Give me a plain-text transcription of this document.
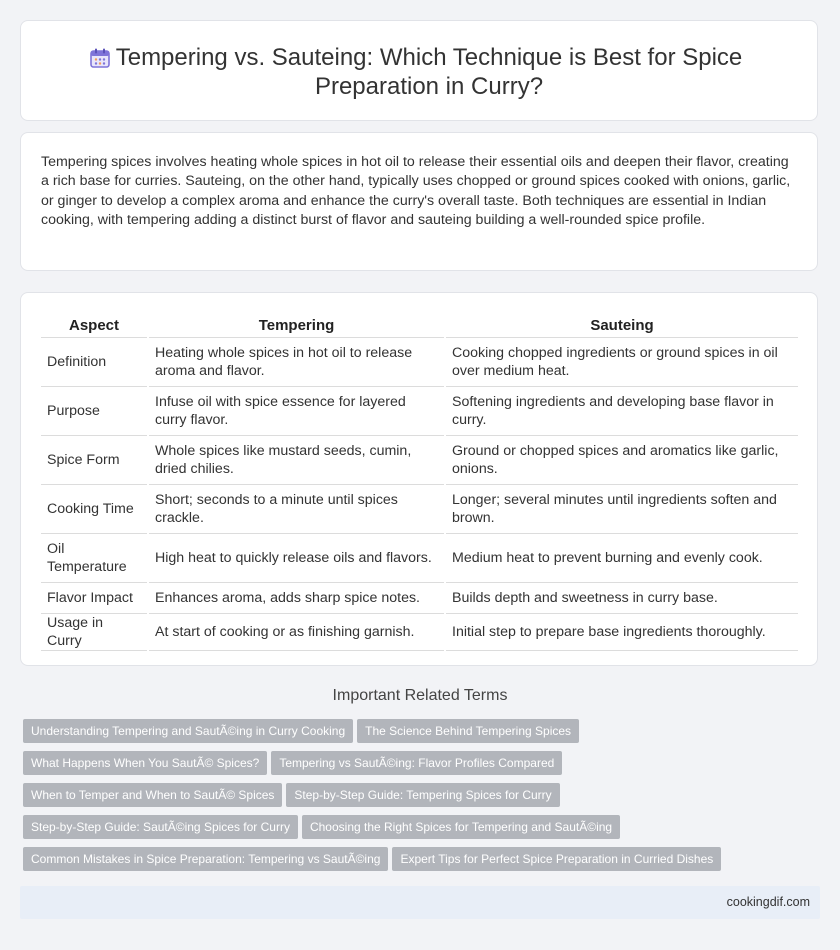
Tempering vs. Sauteing: Which Technique is Best for Spice Preparation in Curry?
Tempering spices involves heating whole spices in hot oil to release their essential oils and deepen their flavor, creating a rich base for curries. Sauteing, on the other hand, typically uses chopped or ground spices cooked with onions, garlic, or ginger to develop a complex aroma and enhance the curry's overall taste. Both techniques are essential in Indian cooking, with tempering adding a distinct burst of flavor and sauteing building a well-rounded spice profile.
Aspect	Tempering	Sauteing
Definition	Heating whole spices in hot oil to release aroma and flavor.	Cooking chopped ingredients or ground spices in oil over medium heat.
Purpose	Infuse oil with spice essence for layered curry flavor.	Softening ingredients and developing base flavor in curry.
Spice Form	Whole spices like mustard seeds, cumin, dried chilies.	Ground or chopped spices and aromatics like garlic, onions.
Cooking Time	Short; seconds to a minute until spices crackle.	Longer; several minutes until ingredients soften and brown.
Oil Temperature	High heat to quickly release oils and flavors.	Medium heat to prevent burning and evenly cook.
Flavor Impact	Enhances aroma, adds sharp spice notes.	Builds depth and sweetness in curry base.
Usage in Curry	At start of cooking or as finishing garnish.	Initial step to prepare base ingredients thoroughly.
Important Related Terms
Understanding Tempering and SautÃ©ing in Curry Cooking The Science Behind Tempering Spices
What Happens When You SautÃ© Spices? Tempering vs SautÃ©ing: Flavor Profiles Compared
When to Temper and When to SautÃ© Spices Step-by-Step Guide: Tempering Spices for Curry
Step-by-Step Guide: SautÃ©ing Spices for Curry Choosing the Right Spices for Tempering and SautÃ©ing
Common Mistakes in Spice Preparation: Tempering vs SautÃ©ing Expert Tips for Perfect Spice Preparation in Curried Dishes
cookingdif.com
